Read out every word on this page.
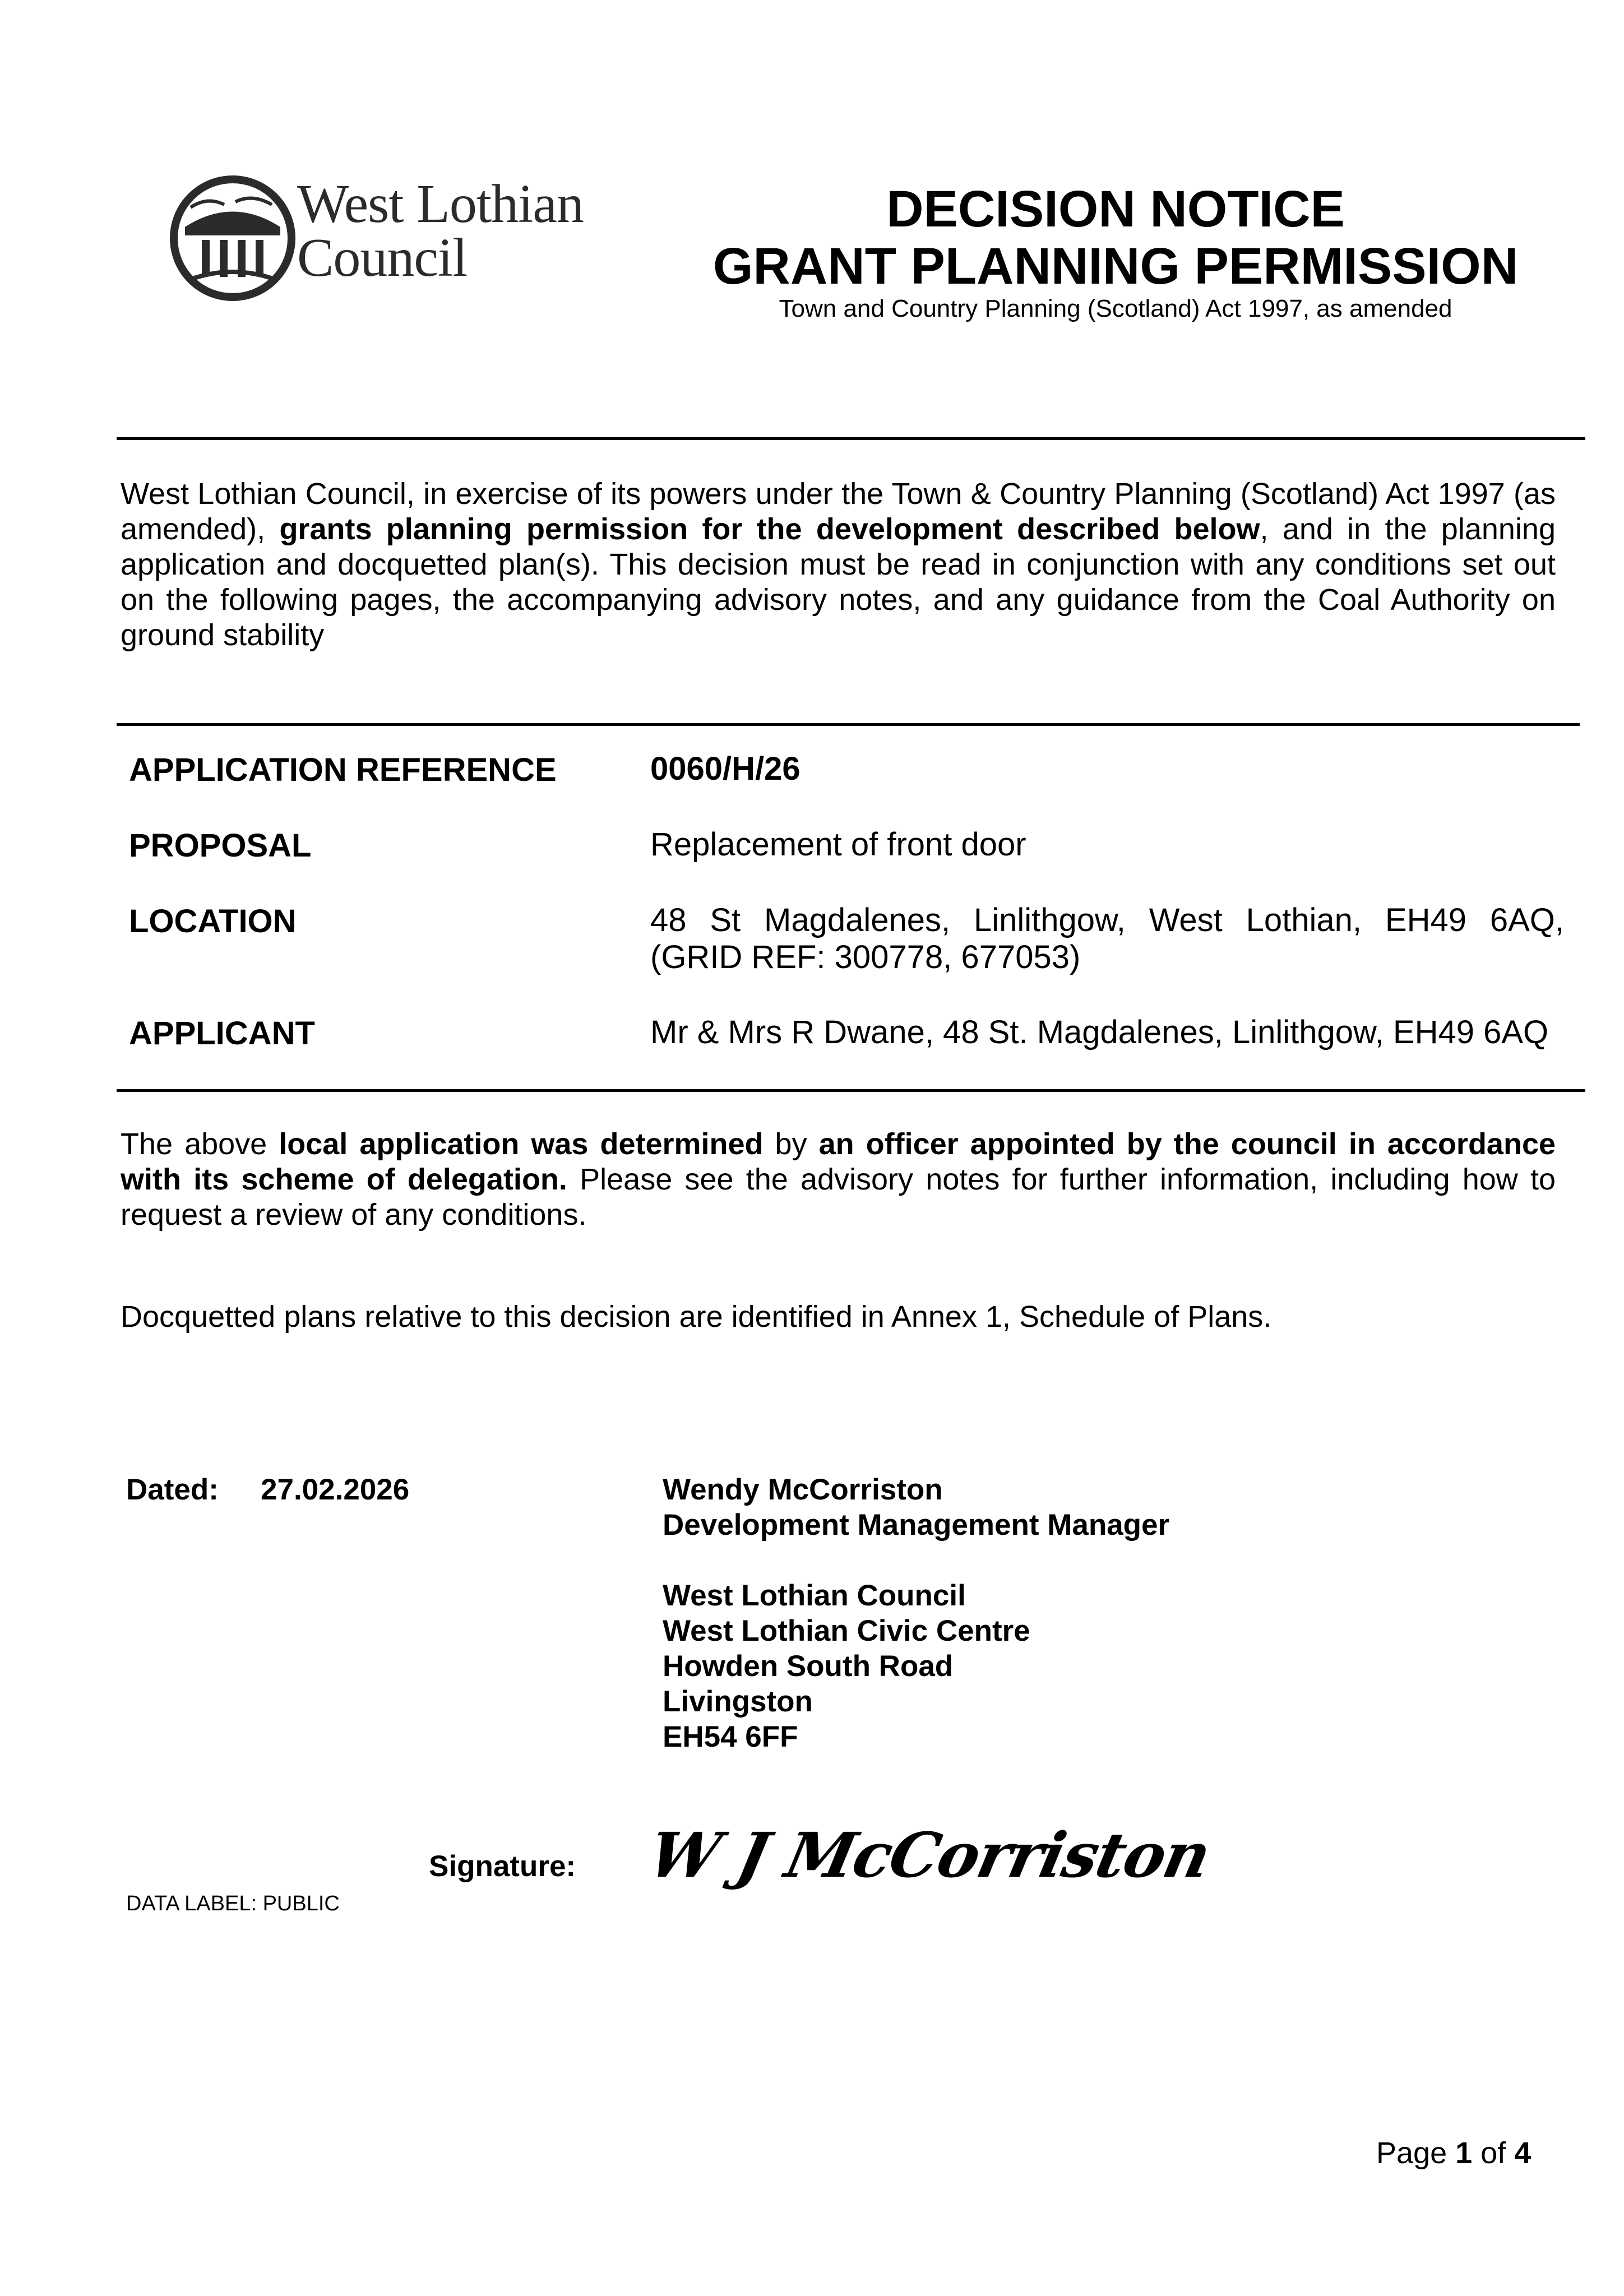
West Lothian
Council
DECISION NOTICE
GRANT PLANNING PERMISSION
Town and Country Planning (Scotland) Act 1997, as amended
West Lothian Council, in exercise of its powers under the Town & Country Planning (Scotland) Act 1997 (as amended), grants planning permission for the development described below, and in the planning application and docquetted plan(s). This decision must be read in conjunction with any conditions set out on the following pages, the accompanying advisory notes, and any guidance from the Coal Authority on ground stability
APPLICATION REFERENCE	0060/H/26
PROPOSAL	Replacement of front door
LOCATION	48 St Magdalenes, Linlithgow, West Lothian, EH49 6AQ,
(GRID REF: 300778, 677053)
APPLICANT	Mr & Mrs R Dwane, 48 St. Magdalenes, Linlithgow, EH49 6AQ
The above local application was determined by an officer appointed by the council in accordance with its scheme of delegation. Please see the advisory notes for further information, including how to request a review of any conditions.
Docquetted plans relative to this decision are identified in Annex 1, Schedule of Plans.
Dated: 27.02.2026	Wendy McCorriston
Development Management Manager
West Lothian Council
West Lothian Civic Centre
Howden South Road
Livingston
EH54 6FF
Signature: W J McCorriston
DATA LABEL: PUBLIC
Page 1 of 4
